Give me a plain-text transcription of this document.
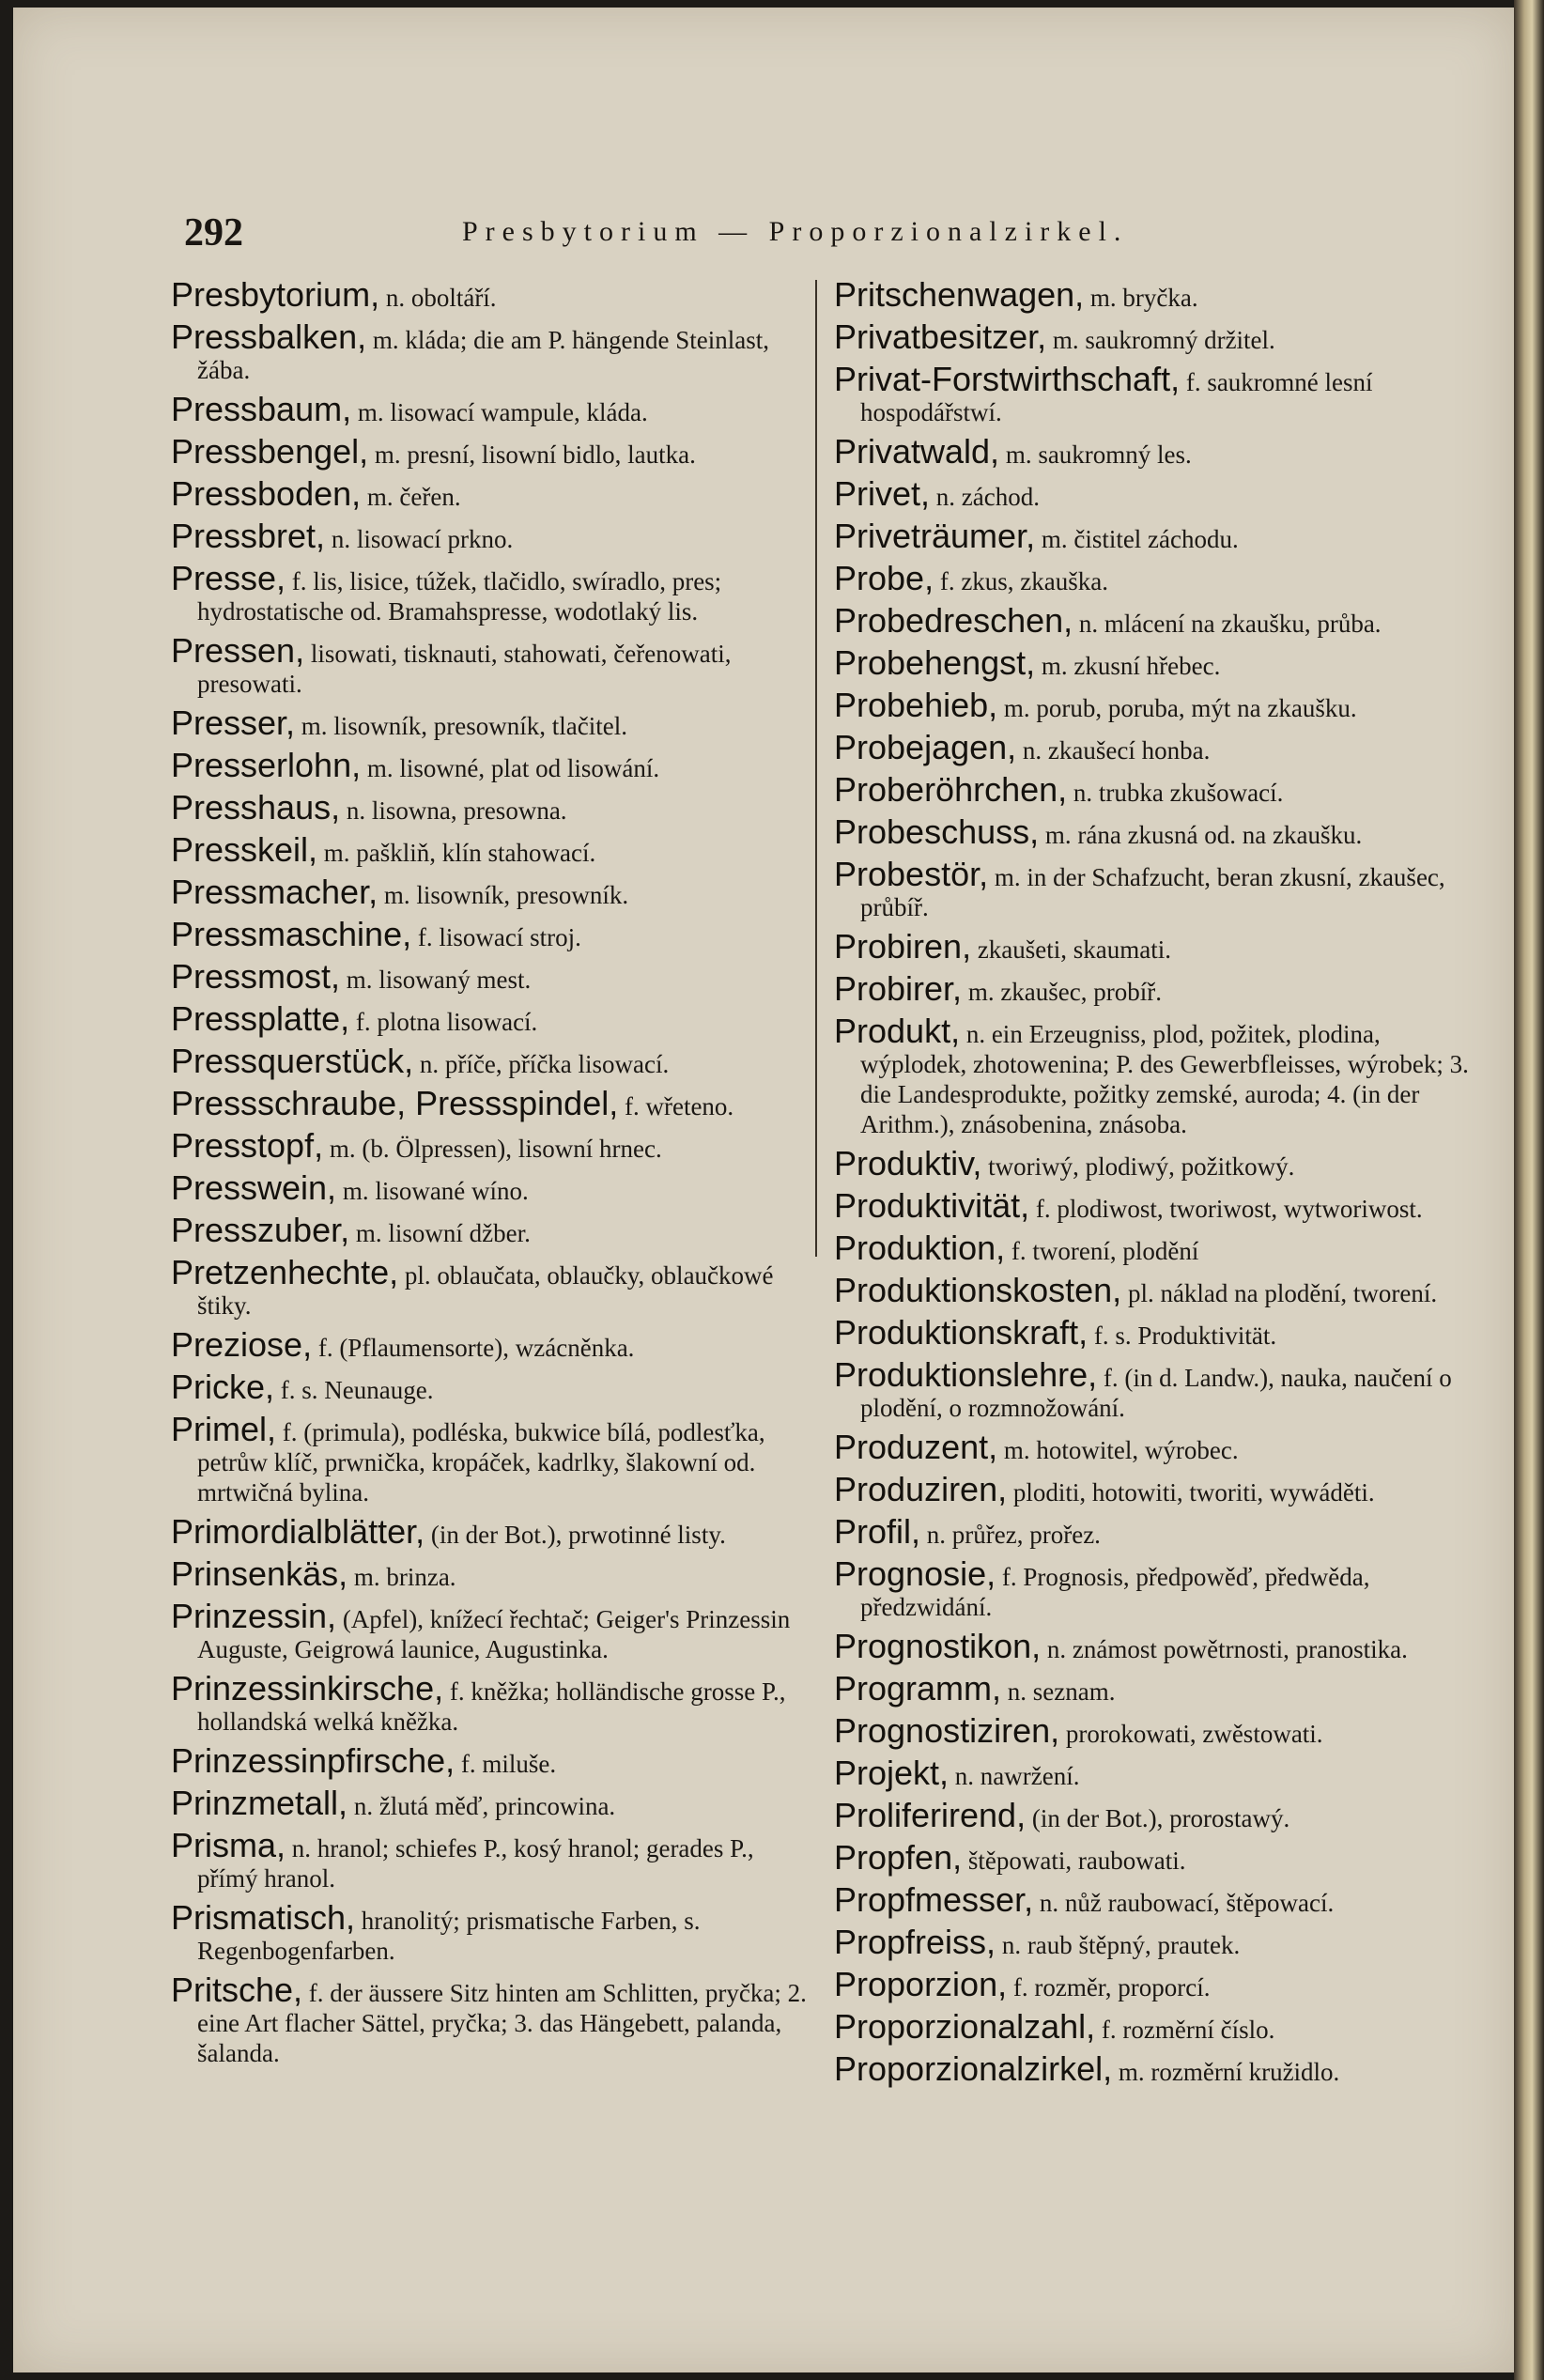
292	Presbytorium — Proporzionalzirkel.
Presbytorium, n. oboltáří.
Pressbalken, m. kláda; die am P. hängende Steinlast, žába.
Pressbaum, m. lisowací wampule, kláda.
Pressbengel, m. presní, lisowní bidlo, lautka.
Pressboden, m. čeřen.
Pressbret, n. lisowací prkno.
Presse, f. lis, lisice, túžek, tlačidlo, swíradlo, pres; hydrostatische od. Bramahspresse, wodotlaký lis.
Pressen, lisowati, tisknauti, stahowati, čeřenowati, presowati.
Presser, m. lisowník, presowník, tlačitel.
Presserlohn, m. lisowné, plat od lisowání.
Presshaus, n. lisowna, presowna.
Presskeil, m. paškliň, klín stahowací.
Pressmacher, m. lisowník, presowník.
Pressmaschine, f. lisowací stroj.
Pressmost, m. lisowaný mest.
Pressplatte, f. plotna lisowací.
Pressquerstück, n. příče, příčka lisowací.
Pressschraube, Pressspindel, f. wřeteno.
Presstopf, m. (b. Ölpressen), lisowní hrnec.
Presswein, m. lisowané wíno.
Presszuber, m. lisowní džber.
Pretzenhechte, pl. oblaučata, oblaučky, oblaučkowé štiky.
Preziose, f. (Pflaumensorte), wzácněnka.
Pricke, f. s. Neunauge.
Primel, f. (primula), podléska, bukwice bílá, podlesťka, petrůw klíč, prwnička, kropáček, kadrlky, šlakowní od. mrtwičná bylina.
Primordialblätter, (in der Bot.), prwotinné listy.
Prinsenkäs, m. brinza.
Prinzessin, (Apfel), knížecí řechtač; Geiger's Prinzessin Auguste, Geigrowá launice, Augustinka.
Prinzessinkirsche, f. kněžka; holländische grosse P., hollandská welká kněžka.
Prinzessinpfirsche, f. miluše.
Prinzmetall, n. žlutá měď, princowina.
Prisma, n. hranol; schiefes P., kosý hranol; gerades P., přímý hranol.
Prismatisch, hranolitý; prismatische Farben, s. Regenbogenfarben.
Pritsche, f. der äussere Sitz hinten am Schlitten, pryčka; 2. eine Art flacher Sättel, pryčka; 3. das Hängebett, palanda, šalanda.
Pritschenwagen, m. bryčka.
Privatbesitzer, m. saukromný držitel.
Privat-Forstwirthschaft, f. saukromné lesní hospodářstwí.
Privatwald, m. saukromný les.
Privet, n. záchod.
Priveträumer, m. čistitel záchodu.
Probe, f. zkus, zkauška.
Probedreschen, n. mlácení na zkaušku, průba.
Probehengst, m. zkusní hřebec.
Probehieb, m. porub, poruba, mýt na zkaušku.
Probejagen, n. zkaušecí honba.
Proberöhrchen, n. trubka zkušowací.
Probeschuss, m. rána zkusná od. na zkaušku.
Probestör, m. in der Schafzucht, beran zkusní, zkaušec, průbíř.
Probiren, zkaušeti, skaumati.
Probirer, m. zkaušec, probíř.
Produkt, n. ein Erzeugniss, plod, požitek, plodina, wýplodek, zhotowenina; P. des Gewerbfleisses, wýrobek; 3. die Landesprodukte, požitky zemské, auroda; 4. (in der Arithm.), znásobenina, znásoba.
Produktiv, tworiwý, plodiwý, požitkowý.
Produktivität, f. plodiwost, tworiwost, wytworiwost.
Produktion, f. tworení, plodění
Produktionskosten, pl. náklad na plodění, tworení.
Produktionskraft, f. s. Produktivität.
Produktionslehre, f. (in d. Landw.), nauka, naučení o plodění, o rozmnožowání.
Produzent, m. hotowitel, wýrobec.
Produziren, ploditi, hotowiti, tworiti, wywáděti.
Profil, n. průřez, prořez.
Prognosie, f. Prognosis, předpowěď, předwěda, předzwidání.
Prognostikon, n. známost powětrnosti, pranostika.
Programm, n. seznam.
Prognostiziren, prorokowati, zwěstowati.
Projekt, n. nawržení.
Proliferirend, (in der Bot.), prorostawý.
Propfen, štěpowati, raubowati.
Propfmesser, n. nůž raubowací, štěpowací.
Propfreiss, n. raub štěpný, prautek.
Proporzion, f. rozměr, proporcí.
Proporzionalzahl, f. rozměrní číslo.
Proporzionalzirkel, m. rozměrní kružidlo.
